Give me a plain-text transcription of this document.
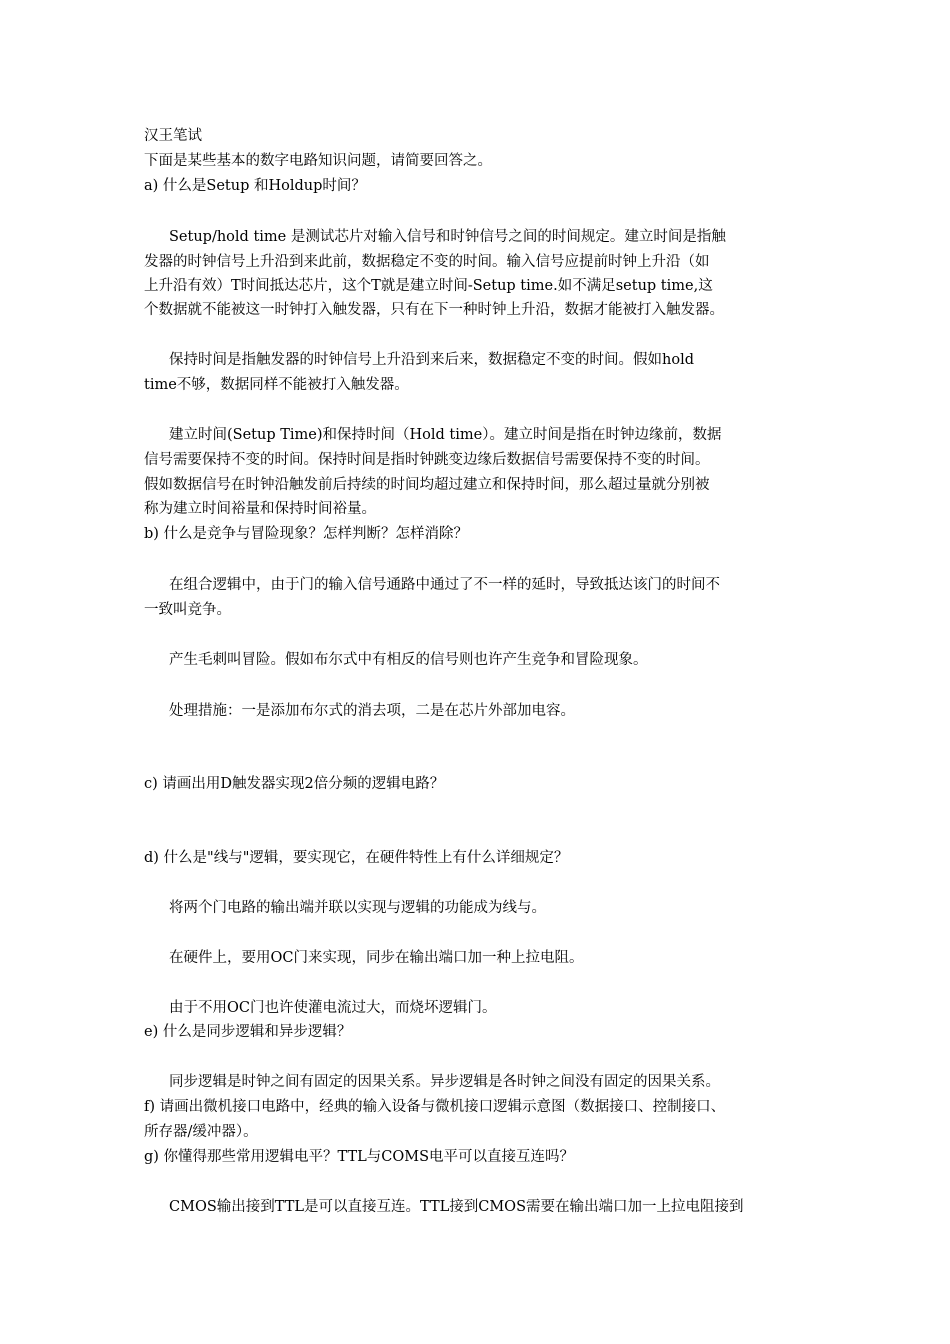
汉王笔试
下面是某些基本的数字电路知识问题，请简要回答之。
a) 什么是Setup 和Holdup时间？
Setup/hold time 是测试芯片对输入信号和时钟信号之间的时间规定。建立时间是指触
发器的时钟信号上升沿到来此前，数据稳定不变的时间。输入信号应提前时钟上升沿（如
上升沿有效）T时间抵达芯片，这个T就是建立时间-Setup time.如不满足setup time,这
个数据就不能被这一时钟打入触发器，只有在下一种时钟上升沿，数据才能被打入触发器。
保持时间是指触发器的时钟信号上升沿到来后来，数据稳定不变的时间。假如hold
time不够，数据同样不能被打入触发器。
建立时间(Setup Time)和保持时间（Hold time）。建立时间是指在时钟边缘前，数据
信号需要保持不变的时间。保持时间是指时钟跳变边缘后数据信号需要保持不变的时间。
假如数据信号在时钟沿触发前后持续的时间均超过建立和保持时间，那么超过量就分别被
称为建立时间裕量和保持时间裕量。
b) 什么是竞争与冒险现象？怎样判断？怎样消除？
在组合逻辑中，由于门的输入信号通路中通过了不一样的延时，导致抵达该门的时间不
一致叫竞争。
产生毛刺叫冒险。假如布尔式中有相反的信号则也许产生竞争和冒险现象。
处理措施：一是添加布尔式的消去项，二是在芯片外部加电容。
c) 请画出用D触发器实现2倍分频的逻辑电路？
d) 什么是"线与"逻辑，要实现它，在硬件特性上有什么详细规定？
将两个门电路的输出端并联以实现与逻辑的功能成为线与。
在硬件上，要用OC门来实现，同步在输出端口加一种上拉电阻。
由于不用OC门也许使灌电流过大，而烧坏逻辑门。
e) 什么是同步逻辑和异步逻辑？
同步逻辑是时钟之间有固定的因果关系。异步逻辑是各时钟之间没有固定的因果关系。
f) 请画出微机接口电路中，经典的输入设备与微机接口逻辑示意图（数据接口、控制接口、
所存器/缓冲器）。
g) 你懂得那些常用逻辑电平？TTL与COMS电平可以直接互连吗？
CMOS输出接到TTL是可以直接互连。TTL接到CMOS需要在输出端口加一上拉电阻接到
